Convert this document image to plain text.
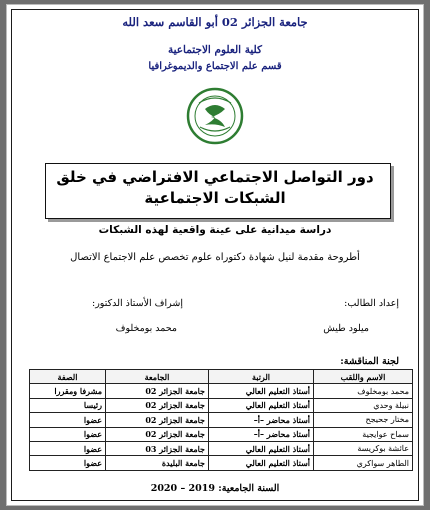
جامعة الجزائر 02 أبو القاسم سعد الله
كلية العلوم الاجتماعية
قسم علم الاجتماع والديموغرافيا
دور التواصل الاجتماعي الافتراضي في خلق
الشبكات الاجتماعية
دراسة ميدانية على عينة واقعية لهذه الشبكات
أطروحة مقدمة لنيل شهادة دكتوراه علوم تخصص علم الاجتماع الاتصال
إعداد الطالب:
إشراف الأستاذ الدكتور:
ميلود طيش
محمد بومخلوف
لجنة المناقشة:
الاسم واللقب	الرتبة	الجامعة	الصفة
محمد بومخلوف	أستاذ التعليم العالي	جامعة الجزائر 02	مشرفا ومقررا
نبيلة وحدي	أستاذ التعليم العالي	جامعة الجزائر 02	رئيسا
مختار جحيجح	أستاذ محاضر –أ–	جامعة الجزائر 02	عضوا
سماح عوايجية	أستاذ محاضر –أ–	جامعة الجزائر 02	عضوا
عائشة بوكريسة	أستاذ التعليم العالي	جامعة الجزائر 03	عضوا
الطاهر سواكري	أستاذ التعليم العالي	جامعة البليدة	عضوا
السنة الجامعية: 2019 – 2020
